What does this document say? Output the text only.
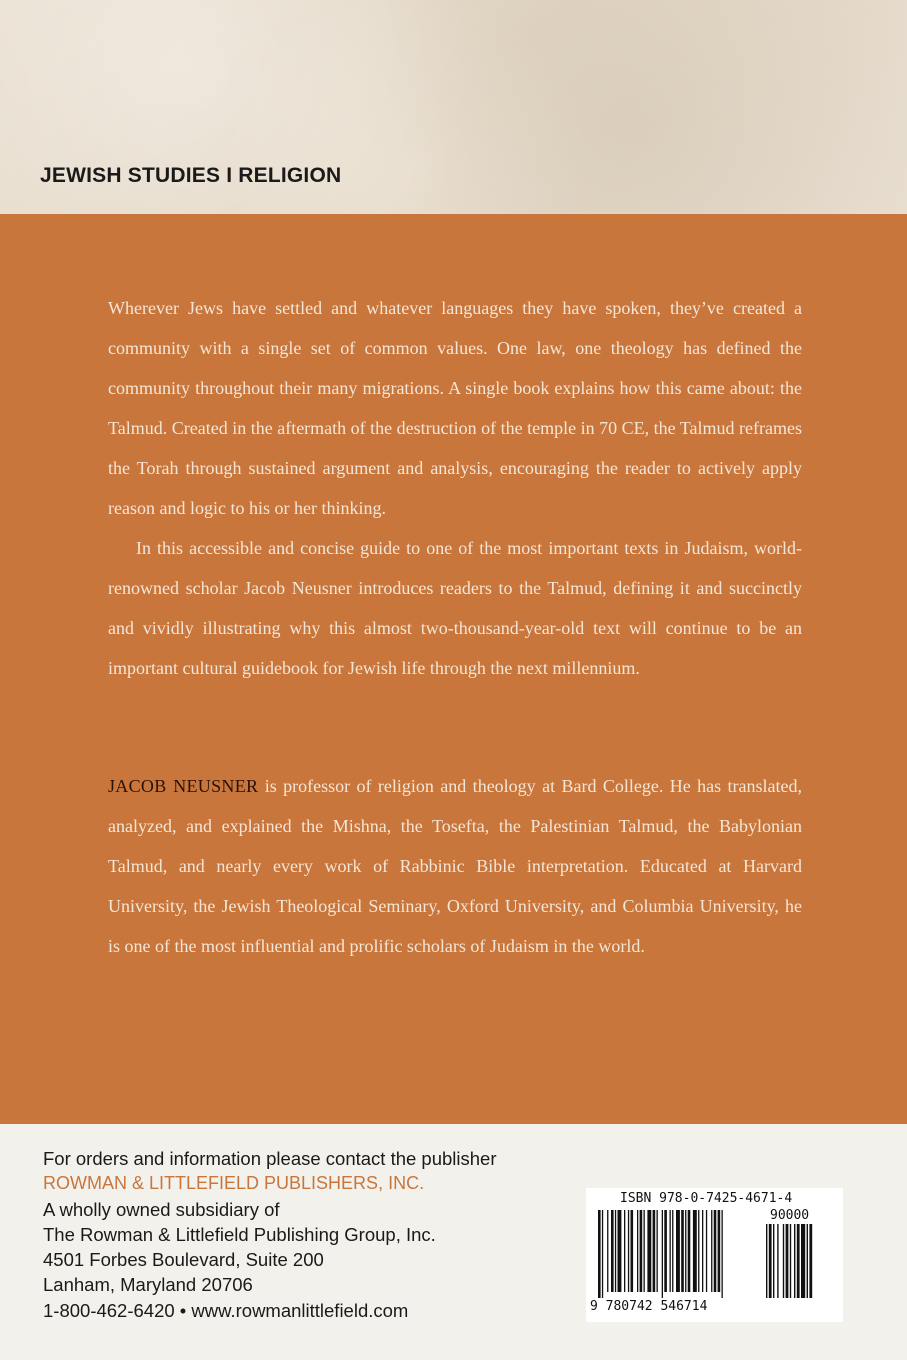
JEWISH STUDIES I RELIGION

Wherever Jews have settled and whatever languages they have spoken, they’ve created a community with a single set of common values. One law, one theology has defined the community throughout their many migrations. A single book explains how this came about: the Talmud. Created in the aftermath of the destruction of the temple in 70 CE, the Talmud reframes the Torah through sustained argument and analysis, encouraging the reader to actively apply reason and logic to his or her thinking.

In this accessible and concise guide to one of the most important texts in Judaism, world-renowned scholar Jacob Neusner introduces readers to the Talmud, defining it and succinctly and vividly illustrating why this almost two-thousand-year-old text will continue to be an important cultural guidebook for Jewish life through the next millennium.

JACOB NEUSNER is professor of religion and theology at Bard College. He has translated, analyzed, and explained the Mishna, the Tosefta, the Palestinian Talmud, the Babylonian Talmud, and nearly every work of Rabbinic Bible interpretation. Educated at Harvard University, the Jewish Theological Seminary, Oxford University, and Columbia University, he is one of the most influential and prolific scholars of Judaism in the world.

For orders and information please contact the publisher
ROWMAN & LITTLEFIELD PUBLISHERS, INC.
A wholly owned subsidiary of
The Rowman & Littlefield Publishing Group, Inc.
4501 Forbes Boulevard, Suite 200
Lanham, Maryland 20706
1-800-462-6420 • www.rowmanlittlefield.com
ISBN 978-0-7425-4671-4
90000
9 780742 546714
